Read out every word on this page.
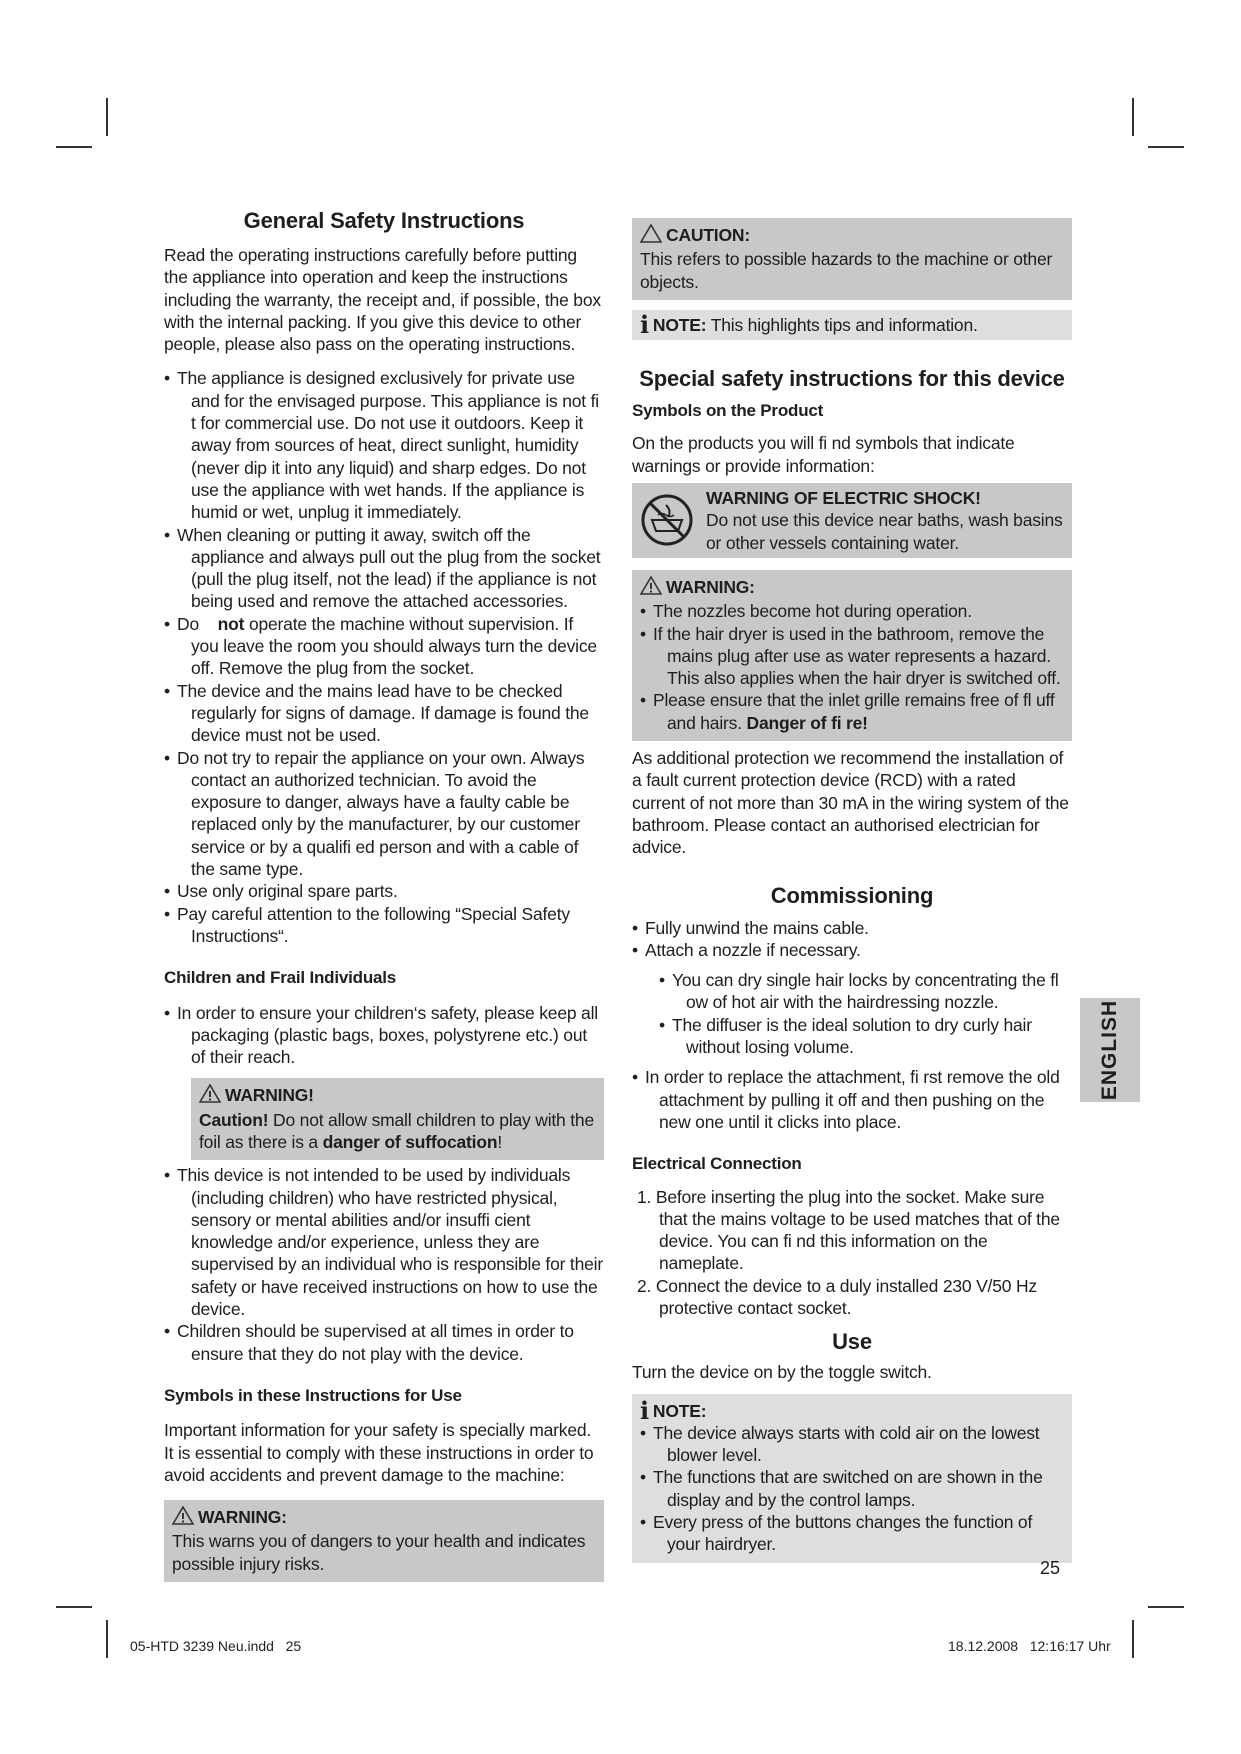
General Safety Instructions

Read the operating instructions carefully before putting the appliance into operation and keep the instructions including the warranty, the receipt and, if possible, the box with the internal packing. If you give this device to other people, please also pass on the operating instructions.

• The appliance is designed exclusively for private use and for the envisaged purpose. This appliance is not fi t for commercial use. Do not use it outdoors. Keep it away from sources of heat, direct sunlight, humidity (never dip it into any liquid) and sharp edges. Do not use the appliance with wet hands. If the appliance is humid or wet, unplug it immediately.
• When cleaning or putting it away, switch off the appliance and always pull out the plug from the socket (pull the plug itself, not the lead) if the appliance is not being used and remove the attached accessories.
• Do not operate the machine without supervision. If you leave the room you should always turn the device off. Remove the plug from the socket.
• The device and the mains lead have to be checked regularly for signs of damage. If damage is found the device must not be used.
• Do not try to repair the appliance on your own. Always contact an authorized technician. To avoid the exposure to danger, always have a faulty cable be replaced only by the manufacturer, by our customer service or by a qualifi ed person and with a cable of the same type.
• Use only original spare parts.
• Pay careful attention to the following “Special Safety Instructions“.
Children and Frail Individuals
• In order to ensure your children‘s safety, please keep all packaging (plastic bags, boxes, polystyrene etc.) out of their reach.
WARNING!

Caution! Do not allow small children to play with the foil as there is a danger of suffocation!

• This device is not intended to be used by individuals (including children) who have restricted physical, sensory or mental abilities and/or insuffi cient knowledge and/or experience, unless they are supervised by an individual who is responsible for their safety or have received instructions on how to use the device.
• Children should be supervised at all times in order to ensure that they do not play with the device.
Symbols in these Instructions for Use

Important information for your safety is specially marked. It is essential to comply with these instructions in order to avoid accidents and prevent damage to the machine:

WARNING:

This warns you of dangers to your health and indicates possible injury risks.

CAUTION:

This refers to possible hazards to the machine or other objects.

i NOTE: This highlights tips and information.
Special safety instructions for this device
Symbols on the Product

On the products you will fi nd symbols that indicate warnings or provide information:

WARNING OF ELECTRIC SHOCK!

Do not use this device near baths, wash basins or other vessels containing water.

WARNING:
• The nozzles become hot during operation.
• If the hair dryer is used in the bathroom, remove the mains plug after use as water represents a hazard. This also applies when the hair dryer is switched off.
• Please ensure that the inlet grille remains free of fl uff and hairs. Danger of fi re!

As additional protection we recommend the installation of a fault current protection device (RCD) with a rated current of not more than 30 mA in the wiring system of the bathroom. Please contact an authorised electrician for advice.

Commissioning
• Fully unwind the mains cable.
• Attach a nozzle if necessary.
• You can dry single hair locks by concentrating the fl ow of hot air with the hairdressing nozzle.
• The diffuser is the ideal solution to dry curly hair without losing volume.
• In order to replace the attachment, fi rst remove the old attachment by pulling it off and then pushing on the new one until it clicks into place.
Electrical Connection
1. Before inserting the plug into the socket. Make sure that the mains voltage to be used matches that of the device. You can fi nd this information on the nameplate.
2. Connect the device to a duly installed 230 V/50 Hz protective contact socket.
Use

Turn the device on by the toggle switch.

i NOTE:
• The device always starts with cold air on the lowest blower level.
• The functions that are switched on are shown in the display and by the control lamps.
• Every press of the buttons changes the function of your hairdryer.
ENGLISH
25
05-HTD 3239 Neu.indd   25	18.12.2008   12:16:17 Uhr
